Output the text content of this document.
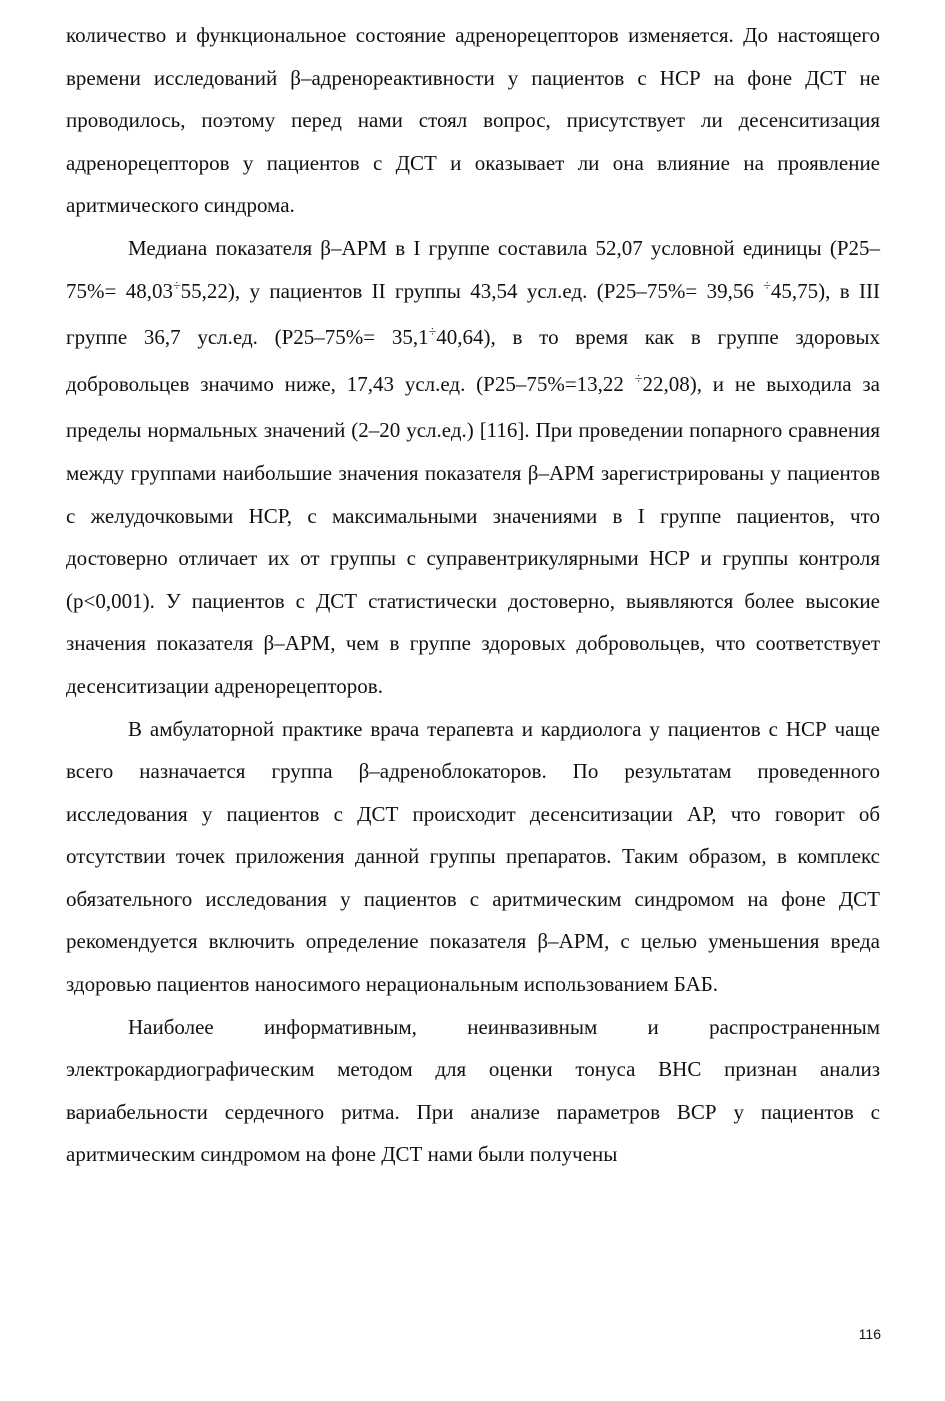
количество и функциональное состояние адренорецепторов изменяется. До настоящего времени исследований β–адренореактивности у пациентов с НСР на фоне ДСТ не проводилось, поэтому перед нами стоял вопрос, присутствует ли десенситизация адренорецепторов у пациентов с ДСТ и оказывает ли она влияние на проявление аритмического синдрома.

Медиана показателя β–АРМ в I группе составила 52,07 условной единицы (P25–75%= 48,03÷55,22), у пациентов II группы 43,54 усл.ед. (P25–75%= 39,56 ÷45,75), в III группе 36,7 усл.ед. (P25–75%= 35,1÷40,64), в то время как в группе здоровых добровольцев значимо ниже, 17,43 усл.ед. (P25–75%=13,22 ÷22,08), и не выходила за пределы нормальных значений (2–20 усл.ед.) [116]. При проведении попарного сравнения между группами наибольшие значения показателя β–АРМ зарегистрированы у пациентов с желудочковыми НСР, с максимальными значениями в I группе пациентов, что достоверно отличает их от группы с суправентрикулярными НСР и группы контроля (p<0,001). У пациентов с ДСТ статистически достоверно, выявляются более высокие значения показателя β–АРМ, чем в группе здоровых добровольцев, что соответствует десенситизации адренорецепторов.

В амбулаторной практике врача терапевта и кардиолога у пациентов с НСР чаще всего назначается группа β–адреноблокаторов. По результатам проведенного исследования у пациентов с ДСТ происходит десенситизации АР, что говорит об отсутствии точек приложения данной группы препаратов. Таким образом, в комплекс обязательного исследования у пациентов с аритмическим синдромом на фоне ДСТ рекомендуется включить определение показателя β–АРМ, с целью уменьшения вреда здоровью пациентов наносимого нерациональным использованием БАБ.

Наиболее информативным, неинвазивным и распространенным электрокардиографическим методом для оценки тонуса ВНС признан анализ вариабельности сердечного ритма. При анализе параметров ВСР у пациентов с аритмическим синдромом на фоне ДСТ нами были получены

116
